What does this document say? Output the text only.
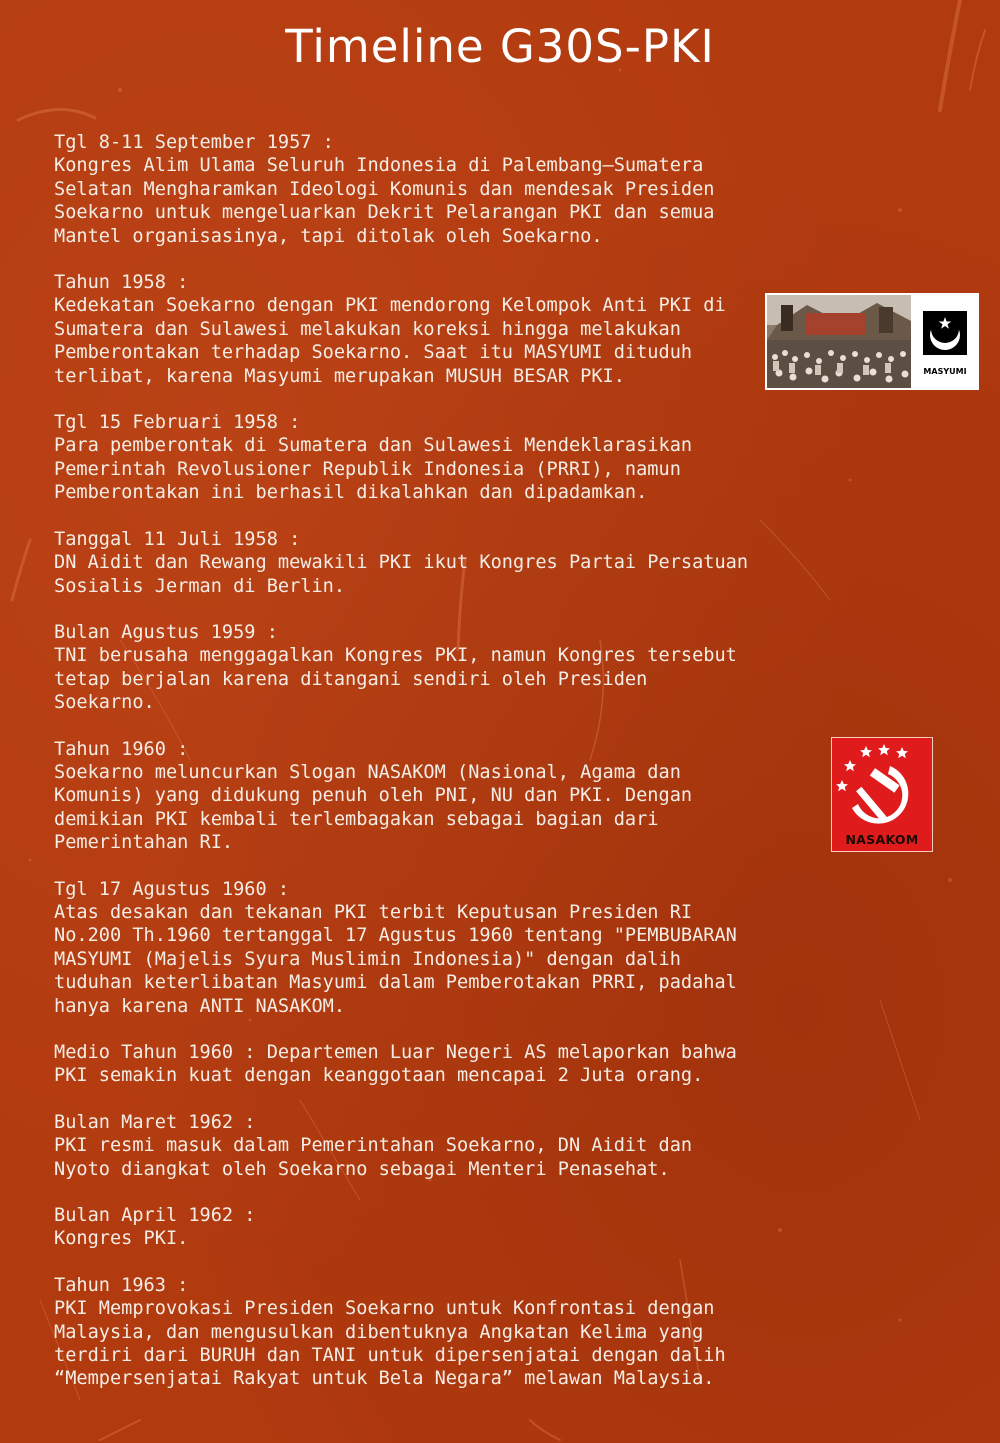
Timeline G30S-PKI
Tgl 8-11 September 1957 :
Kongres Alim Ulama Seluruh Indonesia di Palembang–Sumatera
Selatan Mengharamkan Ideologi Komunis dan mendesak Presiden
Soekarno untuk mengeluarkan Dekrit Pelarangan PKI dan semua
Mantel organisasinya, tapi ditolak oleh Soekarno.
Tahun 1958 :
Kedekatan Soekarno dengan PKI mendorong Kelompok Anti PKI di
Sumatera dan Sulawesi melakukan koreksi hingga melakukan
Pemberontakan terhadap Soekarno. Saat itu MASYUMI dituduh
terlibat, karena Masyumi merupakan MUSUH BESAR PKI.
Tgl 15 Februari 1958 :
Para pemberontak di Sumatera dan Sulawesi Mendeklarasikan
Pemerintah Revolusioner Republik Indonesia (PRRI), namun
Pemberontakan ini berhasil dikalahkan dan dipadamkan.
Tanggal 11 Juli 1958 :
DN Aidit dan Rewang mewakili PKI ikut Kongres Partai Persatuan
Sosialis Jerman di Berlin.
Bulan Agustus 1959 :
TNI berusaha menggagalkan Kongres PKI, namun Kongres tersebut
tetap berjalan karena ditangani sendiri oleh Presiden
Soekarno.
Tahun 1960 :
Soekarno meluncurkan Slogan NASAKOM (Nasional, Agama dan
Komunis) yang didukung penuh oleh PNI, NU dan PKI. Dengan
demikian PKI kembali terlembagakan sebagai bagian dari
Pemerintahan RI.
Tgl 17 Agustus 1960 :
Atas desakan dan tekanan PKI terbit Keputusan Presiden RI
No.200 Th.1960 tertanggal 17 Agustus 1960 tentang "PEMBUBARAN
MASYUMI (Majelis Syura Muslimin Indonesia)" dengan dalih
tuduhan keterlibatan Masyumi dalam Pemberotakan PRRI, padahal
hanya karena ANTI NASAKOM.
Medio Tahun 1960 : Departemen Luar Negeri AS melaporkan bahwa
PKI semakin kuat dengan keanggotaan mencapai 2 Juta orang.
Bulan Maret 1962 :
PKI resmi masuk dalam Pemerintahan Soekarno, DN Aidit dan
Nyoto diangkat oleh Soekarno sebagai Menteri Penasehat.
Bulan April 1962 :
Kongres PKI.
Tahun 1963 :
PKI Memprovokasi Presiden Soekarno untuk Konfrontasi dengan
Malaysia, dan mengusulkan dibentuknya Angkatan Kelima yang
terdiri dari BURUH dan TANI untuk dipersenjatai dengan dalih
“Mempersenjatai Rakyat untuk Bela Negara” melawan Malaysia.
MASYUMI
NASAKOM
